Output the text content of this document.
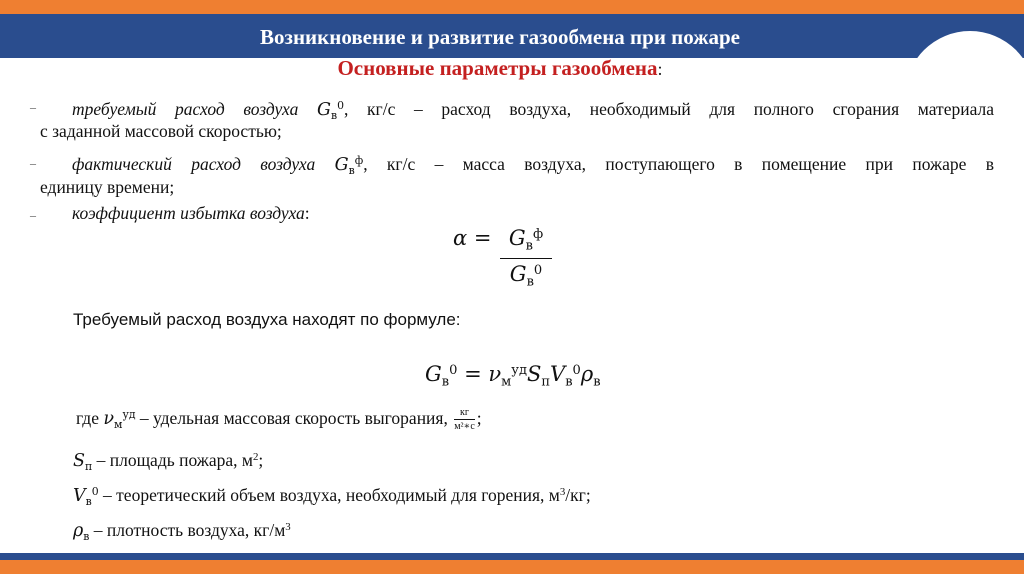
Возникновение и развитие газообмена при пожаре
Основные параметры газообмена:
– требуемый расход воздуха $G_в^0$, кг/с – расход воздуха, необходимый для полного сгорания материала
с заданной массовой скоростью;
– фактический расход воздуха $G_в^ф$, кг/с – масса воздуха, поступающего в помещение при пожаре в
единицу времени;
– коэффициент избытка воздуха:
$\alpha = G_в^ф$
$G_в^0$
Требуемый расход воздуха находят по формуле:
$G_в^0 = \nu_м^{уд}S_пV_в^0\rho_в$
где $\nu_м^{уд}$ – удельная массовая скорость выгорания, кг
м²∗с ;
$S_п$ – площадь пожара, $м^2$;
$V_в^0$ – теоретический объем воздуха, необходимый для горения, $м^3/кг$;
$\rho_в$ – плотность воздуха, $кг/м^3$
